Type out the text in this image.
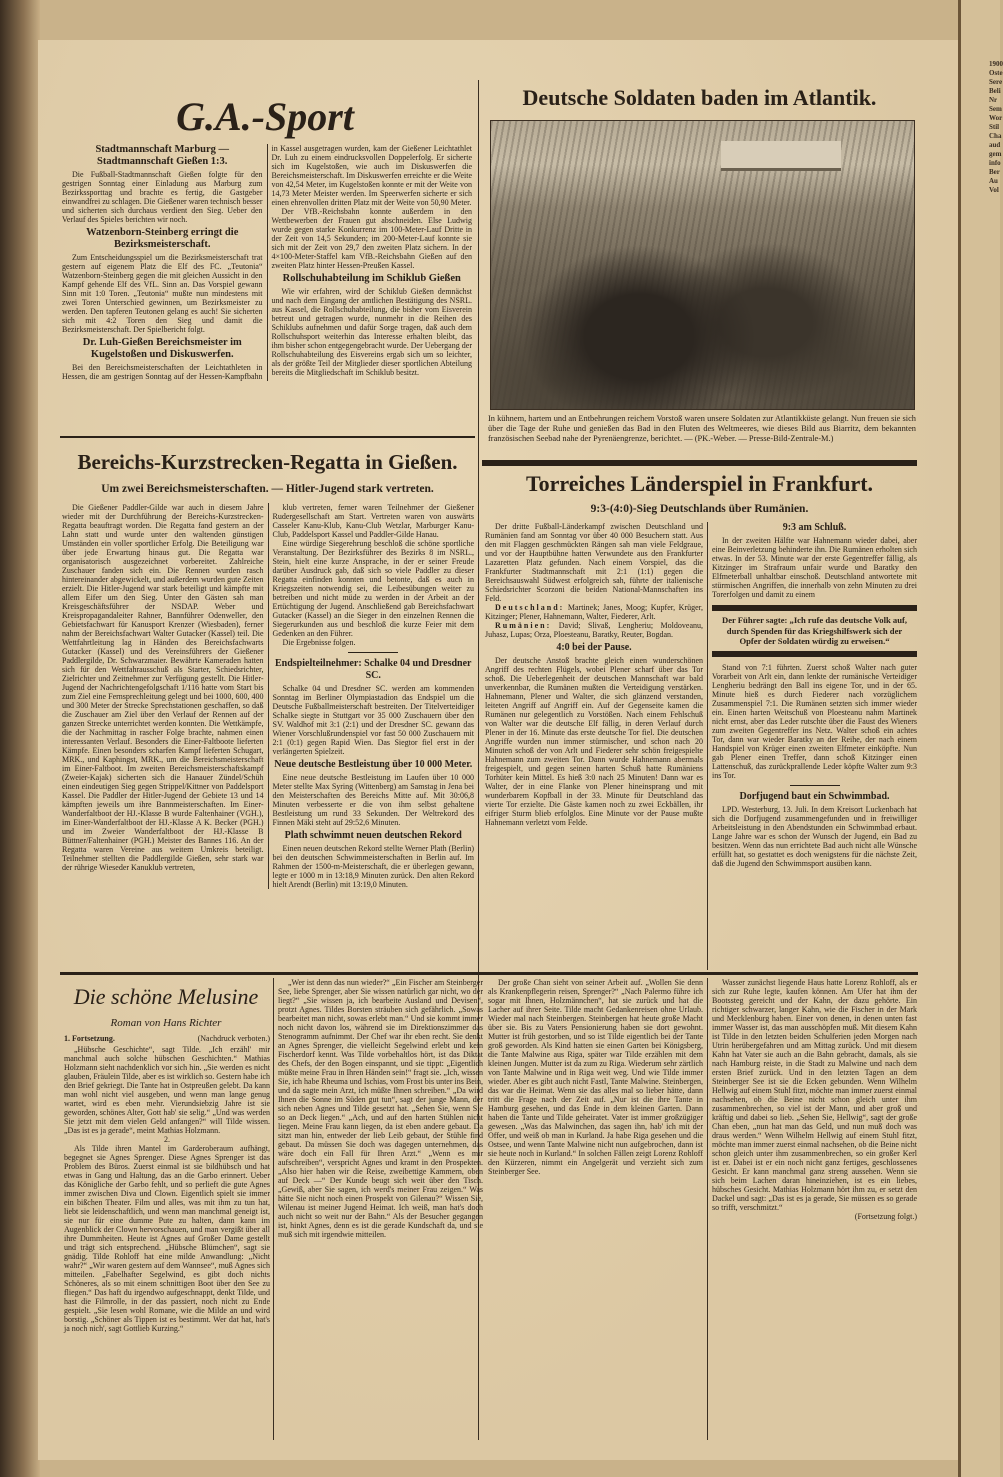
1900 Oste Sere Beli Nr Sem Wor Stil Cha aud gem info Ber Au Vol
G.A.-Sport
Stadtmannschaft Marburg — Stadtmannschaft Gießen 1:3.

Die Fußball-Stadtmannschaft Gießen folgte für den gestrigen Sonntag einer Einladung aus Marburg zum Bezirkssporttag und brachte es fertig, die Gastgeber einwandfrei zu schlagen. Die Gießener waren technisch besser und sicherten sich durchaus verdient den Sieg. Ueber den Verlauf des Spieles berichten wir noch.

Watzenborn-Steinberg erringt die Bezirksmeisterschaft.

Zum Entscheidungsspiel um die Bezirksmeisterschaft trat gestern auf eigenem Platz die Elf des FC. „Teutonia“ Watzenborn-Steinberg gegen die mit gleichen Aussicht in den Kampf gehende Elf des VfL. Sinn an. Das Vorspiel gewann Sinn mit 1:0 Toren. „Teutonia“ mußte nun mindestens mit zwei Toren Unterschied gewinnen, um Bezirksmeister zu werden. Den tapferen Teutonen gelang es auch! Sie sicherten sich mit 4:2 Toren den Sieg und damit die Bezirksmeisterschaft. Der Spielbericht folgt.

Dr. Luh-Gießen Bereichsmeister im Kugelstoßen und Diskuswerfen.

Bei den Bereichsmeisterschaften der Leichtathleten in Hessen, die am gestrigen Sonntag auf der Hessen-Kampfbahn in Kassel ausgetragen wurden, kam der Gießener Leichtathlet Dr. Luh zu einem eindrucksvollen Doppelerfolg. Er sicherte sich im Kugelstoßen, wie auch im Diskuswerfen die Bereichsmeisterschaft. Im Diskuswerfen erreichte er die Weite von 42,54 Meter, im Kugelstoßen konnte er mit der Weite von 14,73 Meter Meister werden. Im Speerwerfen sicherte er sich einen ehrenvollen dritten Platz mit der Weite von 50,90 Meter.

Der VfB.-Reichsbahn konnte außerdem in den Wettbewerben der Frauen gut abschneiden. Else Ludwig wurde gegen starke Konkurrenz im 100-Meter-Lauf Dritte in der Zeit von 14,5 Sekunden; im 200-Meter-Lauf konnte sie sich mit der Zeit von 29,7 den zweiten Platz sichern. In der 4×100-Meter-Staffel kam VfB.-Reichsbahn Gießen auf den zweiten Platz hinter Hessen-Preußen Kassel.

Rollschuhabteilung im Schiklub Gießen

Wie wir erfahren, wird der Schiklub Gießen demnächst und nach dem Eingang der amtlichen Bestätigung des NSRL. aus Kassel, die Rollschuhabteilung, die bisher vom Eisverein betreut und getragen wurde, nunmehr in die Reihen des Schiklubs aufnehmen und dafür Sorge tragen, daß auch dem Rollschuhsport weiterhin das Interesse erhalten bleibt, das ihm bisher schon entgegengebracht wurde. Der Uebergang der Rollschuhabteilung des Eisvereins ergab sich um so leichter, als der größte Teil der Mitglieder dieser sportlichen Abteilung bereits die Mitgliedschaft im Schiklub besitzt.

Deutsche Soldaten baden im Atlantik.
In kühnem, hartem und an Entbehrungen reichem Vorstoß waren unsere Soldaten zur Atlantikküste gelangt. Nun freuen sie sich über die Tage der Ruhe und genießen das Bad in den Fluten des Weltmeeres, wie dieses Bild aus Biarritz, dem bekannten französischen Seebad nahe der Pyrenäengrenze, berichtet. — (PK.-Weber. — Presse-Bild-Zentrale-M.)
Bereichs-Kurzstrecken-Regatta in Gießen.
Um zwei Bereichsmeisterschaften. — Hitler-Jugend stark vertreten.

Die Gießener Paddler-Gilde war auch in diesem Jahre wieder mit der Durchführung der Bereichs-Kurzstrecken-Regatta beauftragt worden. Die Regatta fand gestern an der Lahn statt und wurde unter den waltenden günstigen Umständen ein voller sportlicher Erfolg. Die Beteiligung war über jede Erwartung hinaus gut. Die Regatta war organisatorisch ausgezeichnet vorbereitet. Zahlreiche Zuschauer fanden sich ein. Die Rennen wurden rasch hintereinander abgewickelt, und außerdem wurden gute Zeiten erzielt. Die Hitler-Jugend war stark beteiligt und kämpfte mit allem Eifer um den Sieg. Unter den Gästen sah man Kreisgeschäftsführer der NSDAP. Weber und Kreispropagandaleiter Rahner, Bannführer Odenweller, den Gebietsfachwart für Kanusport Krenzer (Wiesbaden), ferner nahm der Bereichsfachwart Walter Gutacker (Kassel) teil. Die Wettfahrtleitung lag in Händen des Bereichsfachwarts Gutacker (Kassel) und des Vereinsführers der Gießener Paddlergilde, Dr. Schwarzmaier. Bewährte Kameraden hatten sich für den Wettfahrausschuß als Starter, Schiedsrichter, Zielrichter und Zeitnehmer zur Verfügung gestellt. Die Hitler-Jugend der Nachrichtengefolgschaft 1/116 hatte vom Start bis zum Ziel eine Fernsprechleitung gelegt und bei 1000, 600, 400 und 300 Meter der Strecke Sprechstationen geschaffen, so daß die Zuschauer am Ziel über den Verlauf der Rennen auf der ganzen Strecke unterrichtet werden konnten. Die Wettkämpfe, die der Nachmittag in rascher Folge brachte, nahmen einen interessanten Verlauf. Besonders die Einer-Faltboote lieferten Kämpfe. Einen besonders scharfen Kampf lieferten Schugart, MRK., und Kaphingst, MRK., um die Bereichsmeisterschaft im Einer-Faltboot. Im zweiten Bereichsmeisterschaftskampf (Zweier-Kajak) sicherten sich die Hanauer Zündel/Schüh einen eindeutigen Sieg gegen Strippel/Kittner von Paddelsport Kassel. Die Paddler der Hitler-Jugend der Gebiete 13 und 14 kämpften jeweils um ihre Bannmeisterschaften. Im Einer-Wanderfaltboot der HJ.-Klasse B wurde Faltenhainer (VGH.), im Einer-Wanderfaltboot der HJ.-Klasse A K. Becker (PGH.) und im Zweier Wanderfaltboot der HJ.-Klasse B Büttner/Faltenhainer (PGH.) Meister des Bannes 116. An der Regatta waren Vereine aus weitem Umkreis beteiligt. Teilnehmer stellten die Paddlergilde Gießen, sehr stark war der rührige Wieseder Kanuklub vertreten,

klub vertreten, ferner waren Teilnehmer der Gießener Rudergesellschaft am Start. Vertreten waren von auswärts Casseler Kanu-Klub, Kanu-Club Wetzlar, Marburger Kanu-Club, Paddelsport Kassel und Paddler-Gilde Hanau.

Eine würdige Siegerehrung beschloß die schöne sportliche Veranstaltung. Der Bezirksführer des Bezirks 8 im NSRL., Stein, hielt eine kurze Ansprache, in der er seiner Freude darüber Ausdruck gab, daß sich so viele Paddler zu dieser Regatta einfinden konnten und betonte, daß es auch in Kriegszeiten notwendig sei, die Leibesübungen weiter zu betreiben und nicht müde zu werden in der Arbeit an der Ertüchtigung der Jugend. Anschließend gab Bereichsfachwart Gutacker (Kassel) an die Sieger in den einzelnen Rennen die Siegerurkunden aus und beschloß die kurze Feier mit dem Gedenken an den Führer.

Die Ergebnisse folgen.

Endspielteilnehmer: Schalke 04 und Dresdner SC.

Schalke 04 und Dresdner SC. werden am kommenden Sonntag im Berliner Olympiastadion das Endspiel um die Deutsche Fußballmeisterschaft bestreiten. Der Titelverteidiger Schalke siegte in Stuttgart vor 35 000 Zuschauern über den SV. Waldhof mit 3:1 (2:1) und der Dresdner SC. gewann das Wiener Vorschlußrundenspiel vor fast 50 000 Zuschauern mit 2:1 (0:1) gegen Rapid Wien. Das Siegtor fiel erst in der verlängerten Spielzeit.

Neue deutsche Bestleistung über 10 000 Meter.

Eine neue deutsche Bestleistung im Laufen über 10 000 Meter stellte Max Syring (Wittenberg) am Samstag in Jena bei den Meisterschaften des Bereichs Mitte auf. Mit 30:06,8 Minuten verbesserte er die von ihm selbst gehaltene Bestleistung um rund 33 Sekunden. Der Weltrekord des Finnen Mäki steht auf 29:52,6 Minuten.

Plath schwimmt neuen deutschen Rekord

Einen neuen deutschen Rekord stellte Werner Plath (Berlin) bei den deutschen Schwimmeisterschaften in Berlin auf. Im Rahmen der 1500-m-Meisterschaft, die er überlegen gewann, legte er 1000 m in 13:18,9 Minuten zurück. Den alten Rekord hielt Arendt (Berlin) mit 13:19,0 Minuten.

Torreiches Länderspiel in Frankfurt.
9:3-(4:0)-Sieg Deutschlands über Rumänien.

Der dritte Fußball-Länderkampf zwischen Deutschland und Rumänien fand am Sonntag vor über 40 000 Besuchern statt. Aus den mit Flaggen geschmückten Rängen sah man viele Feldgraue, und vor der Hauptbühne hatten Verwundete aus den Frankfurter Lazaretten Platz gefunden. Nach einem Vorspiel, das die Frankfurter Stadtmannschaft mit 2:1 (1:1) gegen die Bereichsauswahl Südwest erfolgreich sah, führte der italienische Schiedsrichter Scorzoni die beiden National-Mannschaften ins Feld.

Deutschland: Martinek; Janes, Moog; Kupfer, Krüger, Kitzinger; Plener, Hahnemann, Walter, Fiederer, Arlt.

Rumänien: David; Slivaß, Lengheriu; Moldoveanu, Juhasz, Lupas; Orza, Ploesteanu, Baratky, Reuter, Bogdan.

4:0 bei der Pause.

Der deutsche Anstoß brachte gleich einen wunderschönen Angriff des rechten Flügels, wobei Plener scharf über das Tor schoß. Die Ueberlegenheit der deutschen Mannschaft war bald unverkennbar, die Rumänen mußten die Verteidigung verstärken. Hahnemann, Plener und Walter, die sich glänzend verstanden, leiteten Angriff auf Angriff ein. Auf der Gegenseite kamen die Rumänen nur gelegentlich zu Vorstößen. Nach einem Fehlschuß von Walter war die deutsche Elf fällig, in deren Verlauf durch Plener in der 16. Minute das erste deutsche Tor fiel. Die deutschen Angriffe wurden nun immer stürmischer, und schon nach 20 Minuten schoß der von Arlt und Fiederer sehr schön freigespielte Hahnemann zum zweiten Tor. Dann wurde Hahnemann abermals freigespielt, und gegen seinen harten Schuß hatte Rumäniens Torhüter kein Mittel. Es hieß 3:0 nach 25 Minuten! Dann war es Walter, der in eine Flanke von Plener hineinsprang und mit wunderbarem Kopfball in der 33. Minute für Deutschland das vierte Tor erzielte. Die Gäste kamen noch zu zwei Eckbällen, ihr eifriger Sturm blieb erfolglos. Eine Minute vor der Pause mußte Hahnemann verletzt vom Felde.

9:3 am Schluß.

In der zweiten Hälfte war Hahnemann wieder dabei, aber eine Beinverletzung behinderte ihn. Die Rumänen erholten sich etwas. In der 53. Minute war der erste Gegentreffer fällig, als Kitzinger im Strafraum unfair wurde und Baratky den Elfmeterball unhaltbar einschoß. Deutschland antwortete mit stürmischen Angriffen, die innerhalb von zehn Minuten zu drei Torerfolgen und damit zu einem

Der Führer sagte: „Ich rufe das deutsche Volk auf, durch Spenden für das Kriegshilfswerk sich der Opfer der Soldaten würdig zu erweisen.“

Stand von 7:1 führten. Zuerst schoß Walter nach guter Vorarbeit von Arlt ein, dann lenkte der rumänische Verteidiger Lengheriu bedrängt den Ball ins eigene Tor, und in der 65. Minute hieß es durch Fiederer nach vorzüglichem Zusammenspiel 7:1. Die Rumänen setzten sich immer wieder ein. Einen harten Weitschuß von Ploesteanu nahm Martinek nicht ernst, aber das Leder rutschte über die Faust des Wieners zum zweiten Gegentreffer ins Netz. Walter schoß ein achtes Tor, dann war wieder Baratky an der Reihe, der nach einem Handspiel von Krüger einen zweiten Elfmeter einköpfte. Nun gab Plener einen Treffer, dann schoß Kitzinger einen Lattenschuß, das zurückprallende Leder köpfte Walter zum 9:3 ins Tor.

Dorfjugend baut ein Schwimmbad.

LPD. Westerburg, 13. Juli. In dem Kreisort Luckenbach hat sich die Dorfjugend zusammengefunden und in freiwilliger Arbeitsleistung in den Abendstunden ein Schwimmbad erbaut. Lange Jahre war es schon der Wunsch der Jugend, ein Bad zu besitzen. Wenn das nun errichtete Bad auch nicht alle Wünsche erfüllt hat, so gestattet es doch wenigstens für die nächste Zeit, daß die Jugend den Schwimmsport ausüben kann.

Die schöne Melusine
Roman von Hans Richter
1. Fortsetzung.	(Nachdruck verboten.)

„Hübsche Geschichte“, sagt Tilde. „Ich erzähl' mir manchmal auch solche hübschen Geschichten.“ Mathias Holzmann sieht nachdenklich vor sich hin. „Sie werden es nicht glauben, Fräulein Tilde, aber es ist wirklich so. Gestern habe ich den Brief gekriegt. Die Tante hat in Ostpreußen gelebt. Da kann man wohl nicht viel ausgeben, und wenn man lange genug wartet, wird es eben mehr. Vierundsiebzig Jahre ist sie geworden, schönes Alter, Gott hab' sie selig.“ „Und was werden Sie jetzt mit dem vielen Geld anfangen?“ will Tilde wissen. „Das ist es ja gerade“, meint Mathias Holzmann.

2.

Als Tilde ihren Mantel im Garderoberaum aufhängt, begegnet sie Agnes Sprenger. Diese Agnes Sprenger ist das Problem des Büros. Zuerst einmal ist sie bildhübsch und hat etwas in Gang und Haltung, das an die Garbo erinnert. Ueber das Königliche der Garbo fehlt, und so perlieft die gute Agnes immer zwischen Diva und Clown. Eigentlich spielt sie immer ein bißchen Theater. Film und alles, was mit ihm zu tun hat, liebt sie leidenschaftlich, und wenn man manchmal geneigt ist, sie nur für eine dumme Pute zu halten, dann kann im Augenblick der Clown hervorschauen, und man vergißt über all ihre Dummheiten. Heute ist Agnes auf Großer Dame gestellt und trägt sich entsprechend. „Hübsche Blümchen“, sagt sie gnädig. Tilde Rohloff hat eine milde Anwandlung: „Nicht wahr?“ „Wir waren gestern auf dem Wannsee“, muß Agnes sich mitteilen. „Fabelhafter Segelwind, es gibt doch nichts Schöneres, als so mit einem schnittigen Boot über den See zu fliegen.“ Das haft du irgendwo aufgeschnappt, denkt Tilde, und hast die Filmrolle, in der das passiert, noch nicht zu Ende gespielt. „Sie lesen wohl Romane, wie die Milde an und wird borstig. „Schöner als Tippen ist es bestimmt. Wer dat hat, hat's ja noch nich', sagt Gottlieb Kurzing.“

„Wer ist denn das nun wieder?“ „Ein Fischer am Steinberger See, liebe Sprenger, aber Sie wissen natürlich gar nicht, wo der liegt?“ „Sie wissen ja, ich bearbeite Ausland und Devisen“, protzt Agnes. Tildes Borsten sträuben sich gefährlich. „Sowas bearbeitet man nicht, sowas erlebt man.“ Und sie kommt immer noch nicht davon los, während sie im Direktionszimmer das Stenogramm aufnimmt. Der Chef war ihr eben recht. Sie denkt an Agnes Sprenger, die vielleicht Segelwind erlebt und kein Fischerdorf kennt. Was Tilde vorbehaltlos hört, ist das Diktat des Chefs, der den Bogen einspannt, und sie tippt: „Eigentlich müßte meine Frau in Ihren Händen sein!“ fragt sie. „Ich, wissen Sie, ich habe Rheuma und Ischias, vom Frost bis unter ins Bein, und da sagte mein Arzt, ich müßte Ihnen schreiben.“ „Da wird Ihnen die Sonne im Süden gut tun“, sagt der junge Mann, der sich neben Agnes und Tilde gesetzt hat. „Sehen Sie, wenn Sie so an Deck liegen.“ „Ach, und auf den harten Stühlen nicht liegen. Meine Frau kann liegen, da ist eben andere gebaut. Da sitzt man hin, entweder der lieb Leib gebaut, der Stühle find gebaut. Da müssen Sie doch was dagegen unternehmen, das wäre doch ein Fall für Ihren Arzt.“ „Wenn es mir aufschreiben“, verspricht Agnes und kramt in den Prospekten. „Also hier haben wir die Reise, zweibettige Kammern, oben auf Deck —“ Der Kunde beugt sich weit über den Tisch. „Gewiß, aber Sie sagen, ich werd's meiner Frau zeigen.“ Was hätte Sie nicht noch einen Prospekt von Gilenau?“ Wissen Sie, Wilenau ist meiner Jugend Heimat. Ich weiß, man hat's doch auch nicht so weit nur der Bahn.“ Als der Besucher gegangen ist, hinkt Agnes, denn es ist die gerade Kundschaft da, und sie muß sich mit irgendwie mitteilen.

Der große Chan sieht von seiner Arbeit auf. „Wollen Sie denn als Krankenpflegerin reisen, Sprenger?“ „Nach Palermo führe ich sogar mit Ihnen, Holzmännchen“, hat sie zurück und hat die Lacher auf ihrer Seite. Tilde macht Gedankenreisen ohne Urlaub. Wieder mal nach Steinbergen. Steinbergen hat heute große Macht über sie. Bis zu Vaters Pensionierung haben sie dort gewohnt. Mutter ist früh gestorben, und so ist Tilde eigentlich bei der Tante groß geworden. Als Kind hatten sie einen Garten bei Königsberg, die Tante Malwine aus Riga, später war Tilde erzählen mit dem kleinen Jungen. Mutter ist da zum zu Riga. Wiederum sehr zärtlich von Tante Malwine und in Riga weit weg. Und wie Tilde immer wieder. Aber es gibt auch nicht Fastl, Tante Malwine. Steinbergen, das war die Heimat. Wenn sie das alles mal so lieber hätte, dann tritt die Frage nach der Zeit auf. „Nur ist die ihre Tante in Hamburg gesehen, und das Ende in dem kleinen Garten. Dann haben die Tante und Tilde geheiratet. Vater ist immer großzügiger gewesen. „Was das Malwinchen, das sagen ihn, hab' ich mit der Offer, und weiß ob man in Kurland. Ja habe Riga gesehen und die Ostsee, und wenn Tante Malwine nicht nun aufgebrochen, dann ist sie heute noch in Kurland.“ In solchen Fällen zeigt Lorenz Rohloff den Kürzeren, nimmt ein Angelgerät und verzieht sich zum Steinberger See.

Wasser zunächst liegende Haus hatte Lorenz Rohloff, als er sich zur Ruhe legte, kaufen können. Am Ufer hat ihm der Bootssteg gereicht und der Kahn, der dazu gehörte. Ein richtiger schwarzer, langer Kahn, wie die Fischer in der Mark und Mecklenburg haben. Einer von denen, in denen unten fast immer Wasser ist, das man ausschöpfen muß. Mit diesem Kahn ist Tilde in den letzten beiden Schulferien jeden Morgen nach Utrin herübergefahren und am Mittag zurück. Und mit diesem Kahn hat Vater sie auch an die Bahn gebracht, damals, als sie nach Hamburg reiste, in die Stadt zu Malwine und nach dem ersten Brief zurück. Und in den letzten Tagen an dem Steinberger See ist sie die Ecken gebunden. Wenn Wilhelm Hellwig auf einem Stuhl fitzt, möchte man immer zuerst einmal nachsehen, ob die Beine nicht schon gleich unter ihm zusammenbrechen, so viel ist der Mann, und aber groß und kräftig und dabei so lieb. „Sehen Sie, Hellwig“, sagt der große Chan eben, „nun hat man das Geld, und nun muß doch was draus werden.“ Wenn Wilhelm Hellwig auf einem Stuhl fitzt, möchte man immer zuerst einmal nachsehen, ob die Beine nicht schon gleich unter ihm zusammenbrechen, so ein großer Kerl ist er. Dabei ist er ein noch nicht ganz fertiges, geschlossenes Gesicht. Er kann manchmal ganz streng aussehen. Wenn sie sich beim Lachen daran hineinziehen, ist es ein liebes, hübsches Gesicht. Mathias Holzmann hört ihm zu, er setzt den Dackel und sagt: „Das ist es ja gerade, Sie müssen es so gerade so trifft, verschmitzt.“

(Fortsetzung folgt.)
